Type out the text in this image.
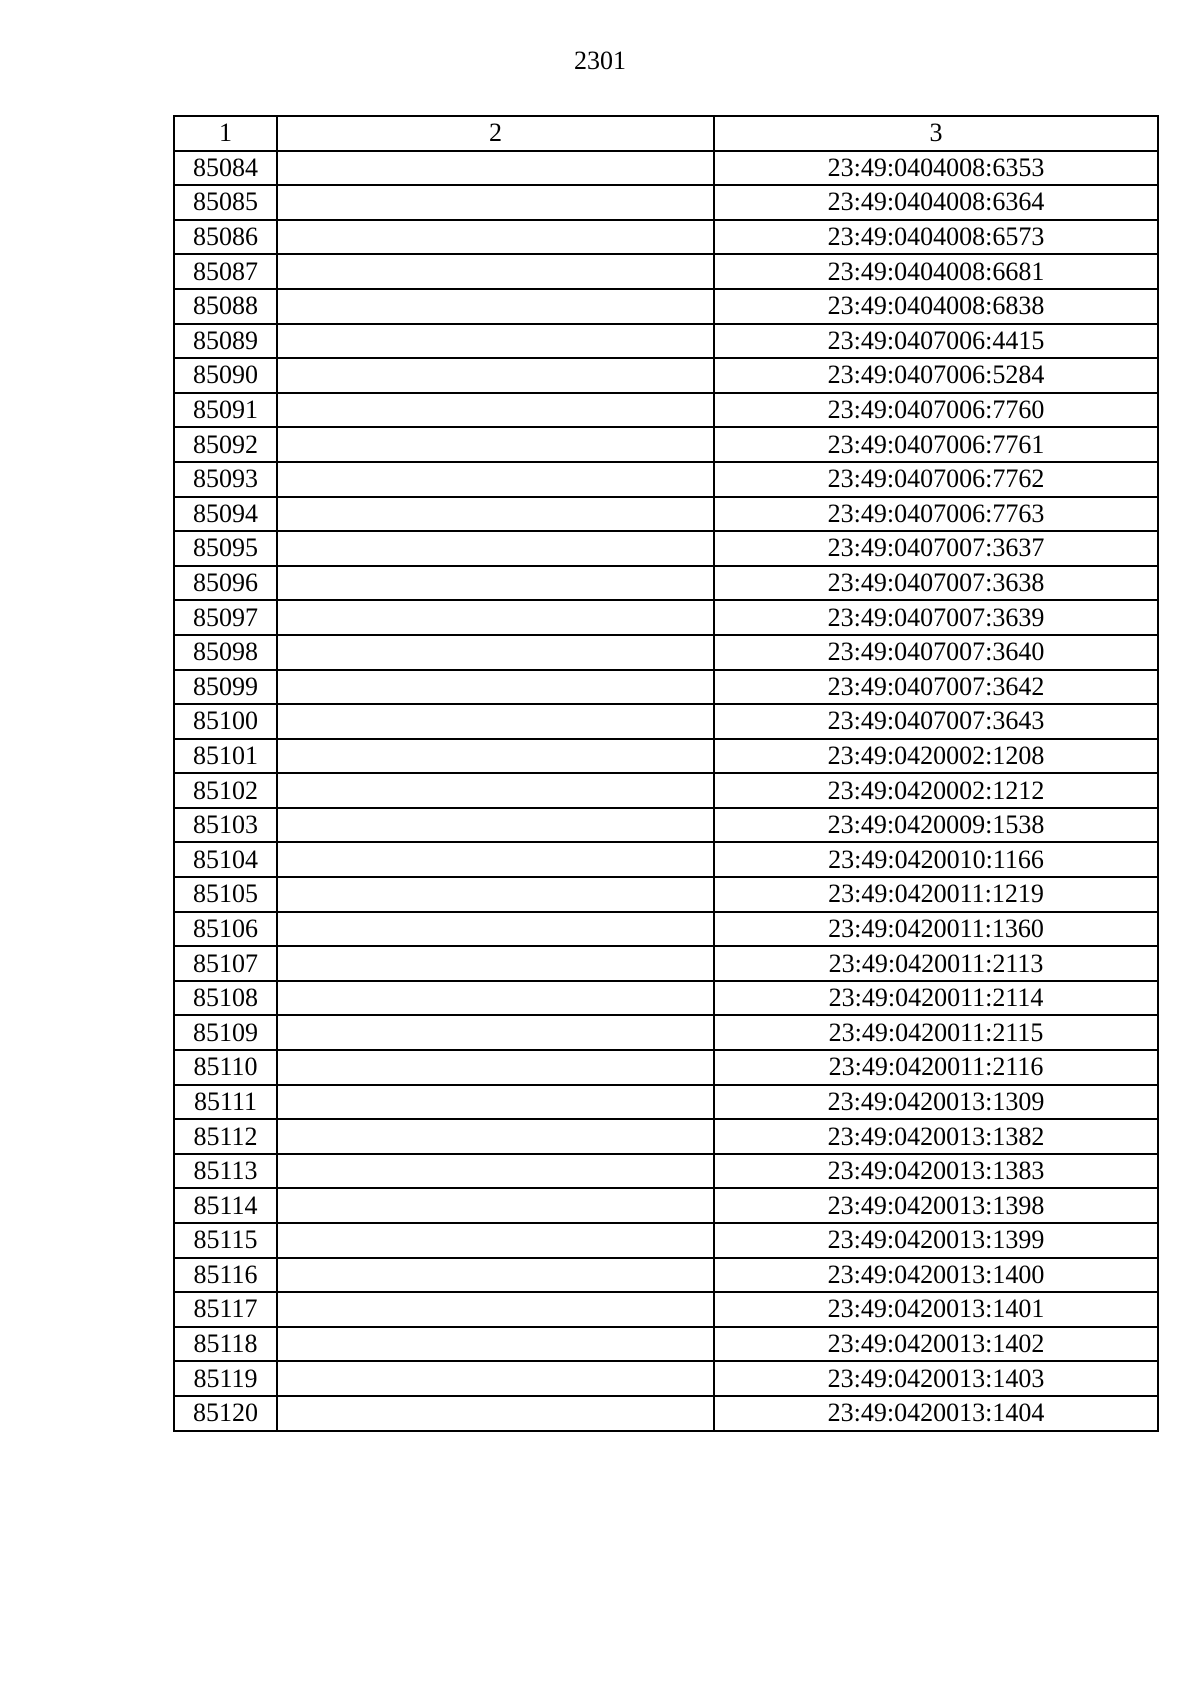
2301
1	2	3
85084		23:49:0404008:6353
85085		23:49:0404008:6364
85086		23:49:0404008:6573
85087		23:49:0404008:6681
85088		23:49:0404008:6838
85089		23:49:0407006:4415
85090		23:49:0407006:5284
85091		23:49:0407006:7760
85092		23:49:0407006:7761
85093		23:49:0407006:7762
85094		23:49:0407006:7763
85095		23:49:0407007:3637
85096		23:49:0407007:3638
85097		23:49:0407007:3639
85098		23:49:0407007:3640
85099		23:49:0407007:3642
85100		23:49:0407007:3643
85101		23:49:0420002:1208
85102		23:49:0420002:1212
85103		23:49:0420009:1538
85104		23:49:0420010:1166
85105		23:49:0420011:1219
85106		23:49:0420011:1360
85107		23:49:0420011:2113
85108		23:49:0420011:2114
85109		23:49:0420011:2115
85110		23:49:0420011:2116
85111		23:49:0420013:1309
85112		23:49:0420013:1382
85113		23:49:0420013:1383
85114		23:49:0420013:1398
85115		23:49:0420013:1399
85116		23:49:0420013:1400
85117		23:49:0420013:1401
85118		23:49:0420013:1402
85119		23:49:0420013:1403
85120		23:49:0420013:1404
